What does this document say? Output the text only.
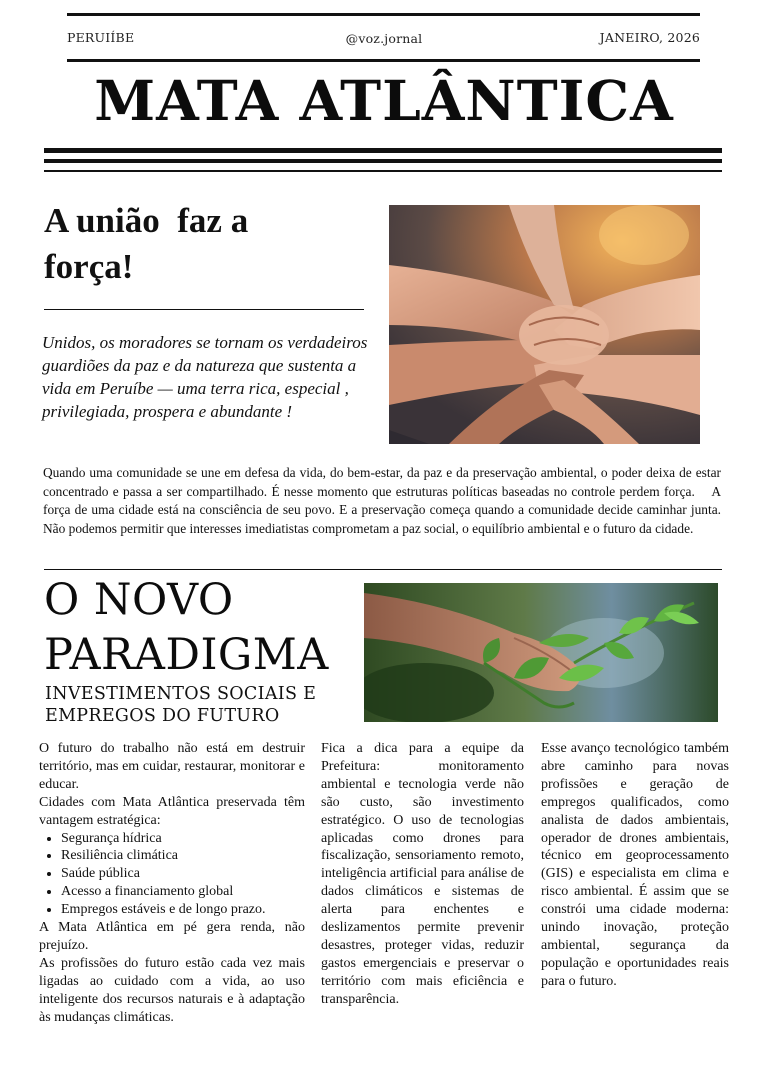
PERUIÍBE	@voz.jornal	JANEIRO, 2026
MATA ATLÂNTICA
A união  faz a
força!
Unidos, os moradores se tornam os verdadeiros guardiões da paz e da natureza que sustenta a vida em Peruíbe — uma terra rica, especial , privilegiada, prospera e abundante !
Quando uma comunidade se une em defesa da vida, do bem-estar, da paz e da preservação ambiental, o poder deixa de estar concentrado e passa a ser compartilhado. É nesse momento que estruturas políticas baseadas no controle perdem força.    A força de uma cidade está na consciência de seu povo. E a preservação começa quando a comunidade decide caminhar junta. Não podemos permitir que interesses imediatistas comprometam a paz social, o equilíbrio ambiental e o futuro da cidade.
O NOVO
PARADIGMA
INVESTIMENTOS SOCIAIS E
EMPREGOS DO FUTURO

O futuro do trabalho não está em destruir território, mas em cuidar, restaurar, monitorar e educar.

Cidades com Mata Atlântica preservada têm vantagem estratégica:

• Segurança hídrica
• Resiliência climática
• Saúde pública
• Acesso a financiamento global
• Empregos estáveis e de longo prazo.

A Mata Atlântica em pé gera renda, não prejuízo.

As profissões do futuro estão cada vez mais ligadas ao cuidado com a vida, ao uso inteligente dos recursos naturais e à adaptação às mudanças climáticas.

Fica a dica para a equipe da Prefeitura: monitoramento ambiental e tecnologia verde não são custo, são investimento estratégico. O uso de tecnologias aplicadas como drones para fiscalização, sensoriamento remoto, inteligência artificial para análise de dados climáticos e sistemas de alerta para enchentes e deslizamentos permite prevenir desastres, proteger vidas, reduzir gastos emergenciais e preservar o território com mais eficiência e transparência.

Esse avanço tecnológico também abre caminho para novas profissões e geração de empregos qualificados, como analista de dados ambientais, operador de drones ambientais, técnico em geoprocessamento (GIS) e especialista em clima e risco ambiental. É assim que se constrói uma cidade moderna: unindo inovação, proteção ambiental, segurança da população e oportunidades reais para o futuro.
